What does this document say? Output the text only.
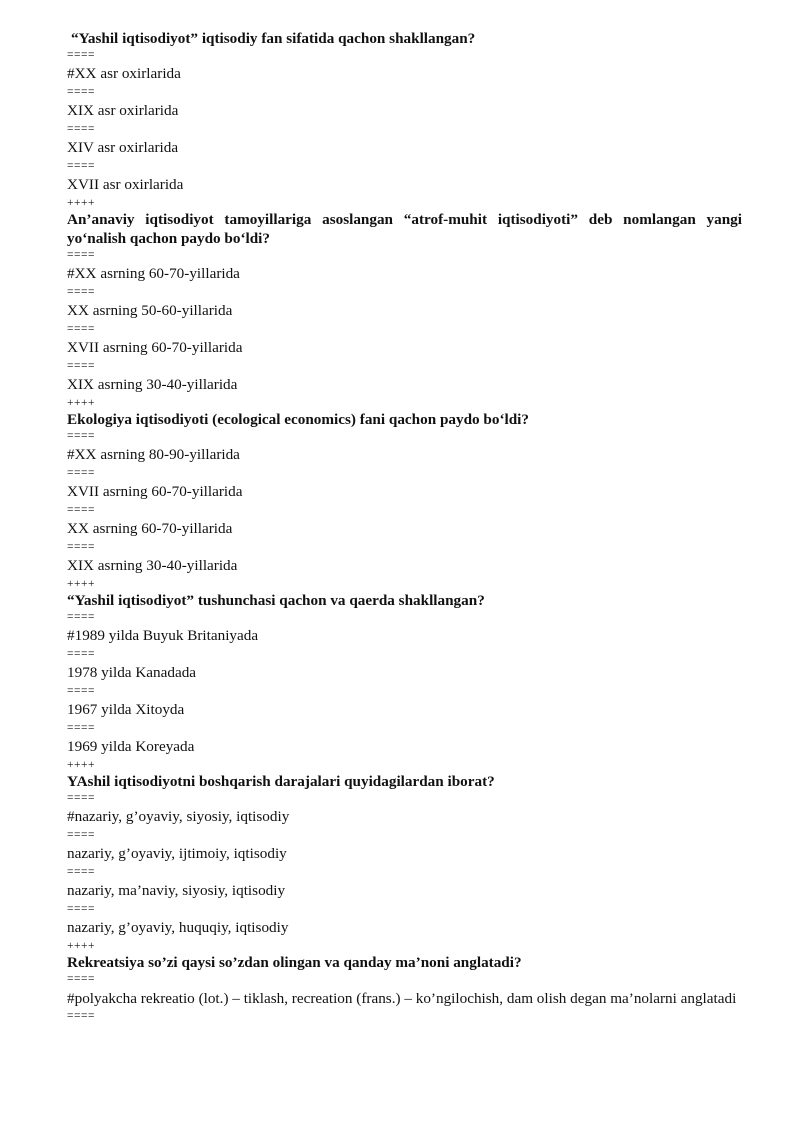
“Yashil iqtisodiyot” iqtisodiy fan sifatida qachon shakllangan?

====

#XX asr oxirlarida

====

XIX asr oxirlarida

====

XIV asr oxirlarida

====

XVII asr oxirlarida

++++

An’anaviy iqtisodiyot tamoyillariga asoslangan “atrof-muhit iqtisodiyoti” deb nomlangan yangi yo‘nalish qachon paydo bo‘ldi?

====

#XX asrning 60-70-yillarida

====

XX asrning 50-60-yillarida

====

XVII asrning 60-70-yillarida

====

XIX asrning 30-40-yillarida

++++

Ekologiya iqtisodiyoti (ecological economics) fani qachon paydo bo‘ldi?

====

#XX asrning 80-90-yillarida

====

XVII asrning 60-70-yillarida

====

XX asrning 60-70-yillarida

====

XIX asrning 30-40-yillarida

++++

“Yashil iqtisodiyot” tushunchasi qachon va qaerda shakllangan?

====

#1989 yilda Buyuk Britaniyada

====

1978 yilda Kanadada

====

1967 yilda Xitoyda

====

1969 yilda Koreyada

++++

YAshil iqtisodiyotni boshqarish darajalari quyidagilardan iborat?

====

#nazariy, g’oyaviy, siyosiy, iqtisodiy

====

nazariy, g’oyaviy, ijtimoiy, iqtisodiy

====

nazariy, ma’naviy, siyosiy, iqtisodiy

====

nazariy, g’oyaviy, huquqiy, iqtisodiy

++++

Rekreatsiya so’zi qaysi so’zdan olingan va qanday ma’noni anglatadi?

====

#polyakcha rekreatio (lot.) – tiklash, recreation (frans.) – ko’ngilochish, dam olish degan ma’nolarni anglatadi

====
